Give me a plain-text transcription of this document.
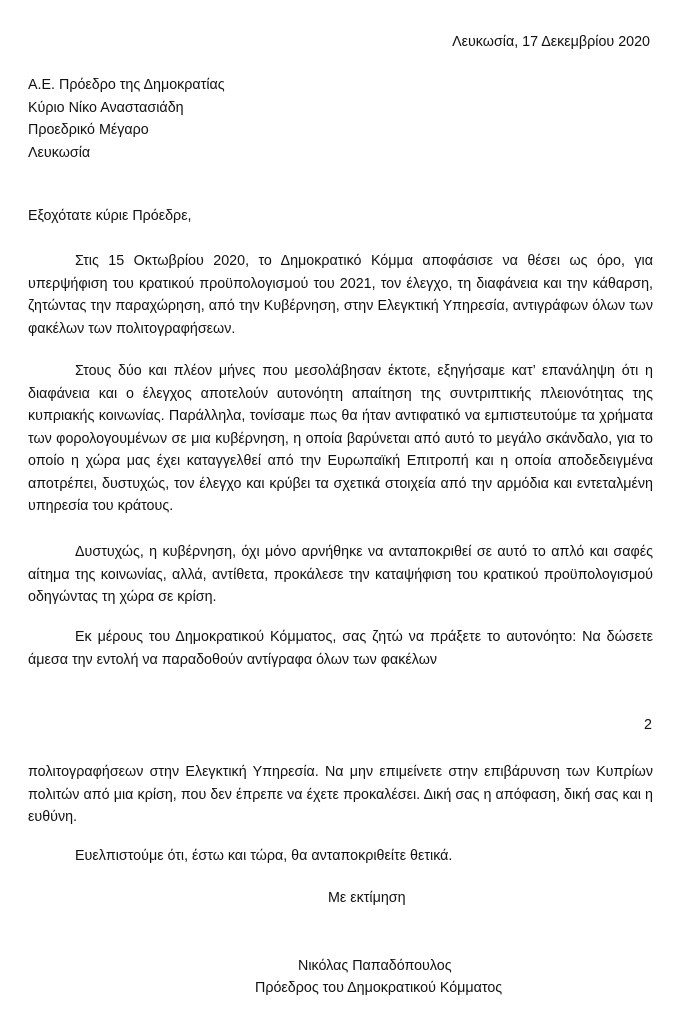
Λευκωσία, 17 Δεκεμβρίου 2020
Α.Ε. Πρόεδρο της Δημοκρατίας
Κύριο Νίκο Αναστασιάδη
Προεδρικό Μέγαρο
Λευκωσία
Εξοχότατε κύριε Πρόεδρε,
Στις 15 Οκτωβρίου 2020, το Δημοκρατικό Κόμμα αποφάσισε να θέσει ως όρο, για υπερψήφιση του κρατικού προϋπολογισμού του 2021, τον έλεγχο, τη διαφάνεια και την κάθαρση, ζητώντας την παραχώρηση, από την Κυβέρνηση, στην Ελεγκτική Υπηρεσία, αντιγράφων όλων των φακέλων των πολιτογραφήσεων.
Στους δύο και πλέον μήνες που μεσολάβησαν έκτοτε, εξηγήσαμε κατ’ επανάληψη ότι η διαφάνεια και ο έλεγχος αποτελούν αυτονόητη απαίτηση της συντριπτικής πλειονότητας της κυπριακής κοινωνίας. Παράλληλα, τονίσαμε πως θα ήταν αντιφατικό να εμπιστευτούμε τα χρήματα των φορολογουμένων σε μια κυβέρνηση, η οποία βαρύνεται από αυτό το μεγάλο σκάνδαλο, για το οποίο η χώρα μας έχει καταγγελθεί από την Ευρωπαϊκή Επιτροπή και η οποία αποδεδειγμένα αποτρέπει, δυστυχώς, τον έλεγχο και κρύβει τα σχετικά στοιχεία από την αρμόδια και εντεταλμένη υπηρεσία του κράτους.
Δυστυχώς, η κυβέρνηση, όχι μόνο αρνήθηκε να ανταποκριθεί σε αυτό το απλό και σαφές αίτημα της κοινωνίας, αλλά, αντίθετα, προκάλεσε την καταψήφιση του κρατικού προϋπολογισμού οδηγώντας τη χώρα σε κρίση.
Εκ μέρους του Δημοκρατικού Κόμματος, σας ζητώ να πράξετε το αυτονόητο: Να δώσετε άμεσα την εντολή να παραδοθούν αντίγραφα όλων των φακέλων
2
πολιτογραφήσεων στην Ελεγκτική Υπηρεσία. Να μην επιμείνετε στην επιβάρυνση των Κυπρίων πολιτών από μια κρίση, που δεν έπρεπε να έχετε προκαλέσει. Δική σας η απόφαση, δική σας και η ευθύνη.
Ευελπιστούμε ότι, έστω και τώρα, θα ανταποκριθείτε θετικά.
Με εκτίμηση
Νικόλας Παπαδόπουλος
Πρόεδρος του Δημοκρατικού Κόμματος
